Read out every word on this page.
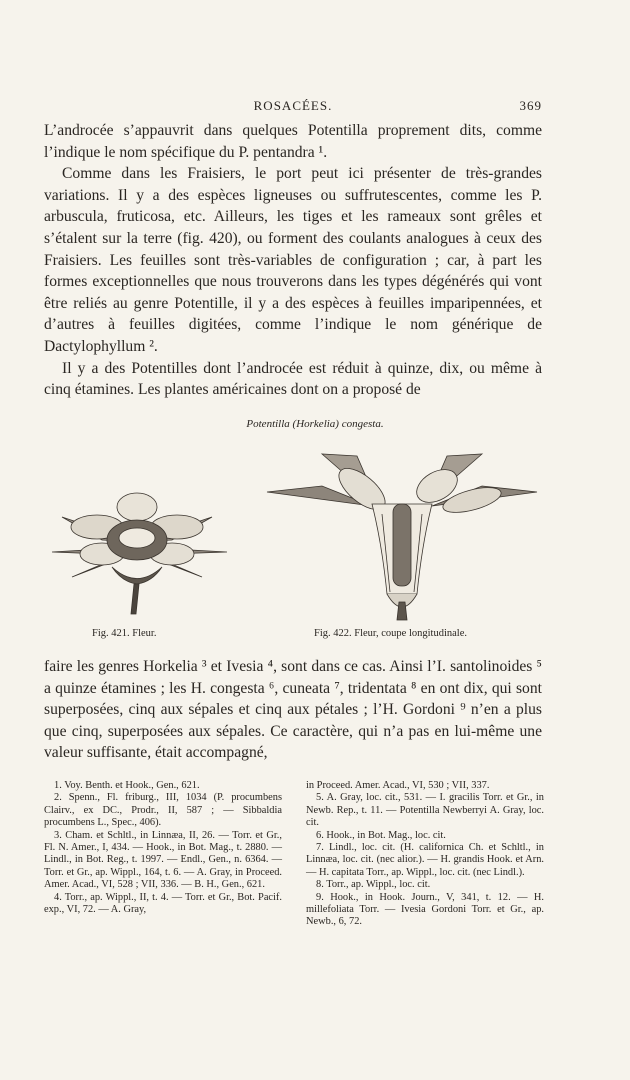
ROSACÉES.	369

L’androcée s’appauvrit dans quelques Potentilla proprement dits, comme l’indique le nom spécifique du P. pentandra ¹.

Comme dans les Fraisiers, le port peut ici présenter de très-grandes variations. Il y a des espèces ligneuses ou suffrutescentes, comme les P. arbuscula, fruticosa, etc. Ailleurs, les tiges et les rameaux sont grêles et s’étalent sur la terre (fig. 420), ou forment des coulants analogues à ceux des Fraisiers. Les feuilles sont très-variables de configuration ; car, à part les formes exceptionnelles que nous trouverons dans les types dégénérés qui vont être reliés au genre Potentille, il y a des espèces à feuilles imparipennées, et d’autres à feuilles digitées, comme l’indique le nom générique de Dactylophyllum ².

Il y a des Potentilles dont l’androcée est réduit à quinze, dix, ou même à cinq étamines. Les plantes américaines dont on a proposé de

Potentilla (Horkelia) congesta.
Fig. 421. Fleur.	Fig. 422. Fleur, coupe longitudinale.

faire les genres Horkelia ³ et Ivesia ⁴, sont dans ce cas. Ainsi l’I. santolinoides ⁵ a quinze étamines ; les H. congesta ⁶, cuneata ⁷, tridentata ⁸ en ont dix, qui sont superposées, cinq aux sépales et cinq aux pétales ; l’H. Gordoni ⁹ n’en a plus que cinq, superposées aux sépales. Ce caractère, qui n’a pas en lui-même une valeur suffisante, était accompagné,

1. Voy. Benth. et Hook., Gen., 621.

2. Spenn., Fl. friburg., III, 1034 (P. procumbens Clairv., ex DC., Prodr., II, 587 ; — Sibbaldia procumbens L., Spec., 406).

3. Cham. et Schltl., in Linnæa, II, 26. — Torr. et Gr., Fl. N. Amer., I, 434. — Hook., in Bot. Mag., t. 2880. — Lindl., in Bot. Reg., t. 1997. — Endl., Gen., n. 6364. — Torr. et Gr., ap. Wippl., 164, t. 6. — A. Gray, in Proceed. Amer. Acad., VI, 528 ; VII, 336. — B. H., Gen., 621.

4. Torr., ap. Wippl., II, t. 4. — Torr. et Gr., Bot. Pacif. exp., VI, 72. — A. Gray,

in Proceed. Amer. Acad., VI, 530 ; VII, 337.

5. A. Gray, loc. cit., 531. — I. gracilis Torr. et Gr., in Newb. Rep., t. 11. — Potentilla Newberryi A. Gray, loc. cit.

6. Hook., in Bot. Mag., loc. cit.

7. Lindl., loc. cit. (H. californica Ch. et Schltl., in Linnæa, loc. cit. (nec alior.). — H. grandis Hook. et Arn. — H. capitata Torr., ap. Wippl., loc. cit. (nec Lindl.).

8. Torr., ap. Wippl., loc. cit.

9. Hook., in Hook. Journ., V, 341, t. 12. — H. millefoliata Torr. — Ivesia Gordoni Torr. et Gr., ap. Newb., 6, 72.
